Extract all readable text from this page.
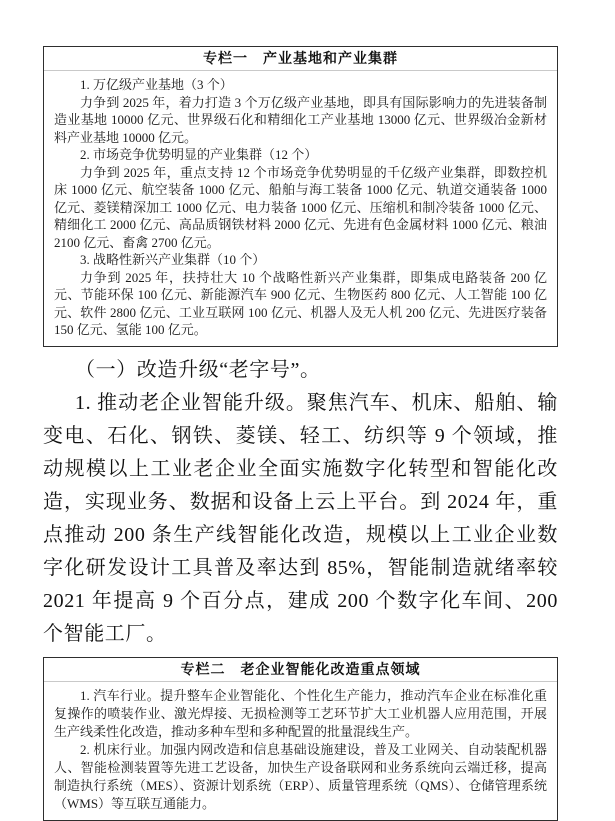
专栏一　产业基地和产业集群

1. 万亿级产业基地（3 个）

力争到 2025 年，着力打造 3 个万亿级产业基地，即具有国际影响力的先进装备制造业基地 10000 亿元、世界级石化和精细化工产业基地 13000 亿元、世界级冶金新材料产业基地 10000 亿元。

2. 市场竞争优势明显的产业集群（12 个）

力争到 2025 年，重点支持 12 个市场竞争优势明显的千亿级产业集群，即数控机床 1000 亿元、航空装备 1000 亿元、船舶与海工装备 1000 亿元、轨道交通装备 1000 亿元、菱镁精深加工 1000 亿元、电力装备 1000 亿元、压缩机和制冷装备 1000 亿元、精细化工 2000 亿元、高品质钢铁材料 2000 亿元、先进有色金属材料 1000 亿元、粮油 2100 亿元、畜禽 2700 亿元。

3. 战略性新兴产业集群（10 个）

力争到 2025 年，扶持壮大 10 个战略性新兴产业集群，即集成电路装备 200 亿元、节能环保 100 亿元、新能源汽车 900 亿元、生物医药 800 亿元、人工智能 100 亿元、软件 2800 亿元、工业互联网 100 亿元、机器人及无人机 200 亿元、先进医疗装备 150 亿元、氢能 100 亿元。

（一）改造升级“老字号”。

1. 推动老企业智能升级。聚焦汽车、机床、船舶、输变电、石化、钢铁、菱镁、轻工、纺织等 9 个领域，推动规模以上工业老企业全面实施数字化转型和智能化改造，实现业务、数据和设备上云上平台。到 2024 年，重点推动 200 条生产线智能化改造，规模以上工业企业数字化研发设计工具普及率达到 85%，智能制造就绪率较 2021 年提高 9 个百分点，建成 200 个数字化车间、200 个智能工厂。

专栏二　老企业智能化改造重点领域

1. 汽车行业。提升整车企业智能化、个性化生产能力，推动汽车企业在标准化重复操作的喷装作业、激光焊接、无损检测等工艺环节扩大工业机器人应用范围，开展生产线柔性化改造，推动多种车型和多种配置的批量混线生产。

2. 机床行业。加强内网改造和信息基础设施建设，普及工业网关、自动装配机器人、智能检测装置等先进工艺设备，加快生产设备联网和业务系统向云端迁移，提高制造执行系统（MES）、资源计划系统（ERP）、质量管理系统（QMS）、仓储管理系统（WMS）等互联互通能力。
